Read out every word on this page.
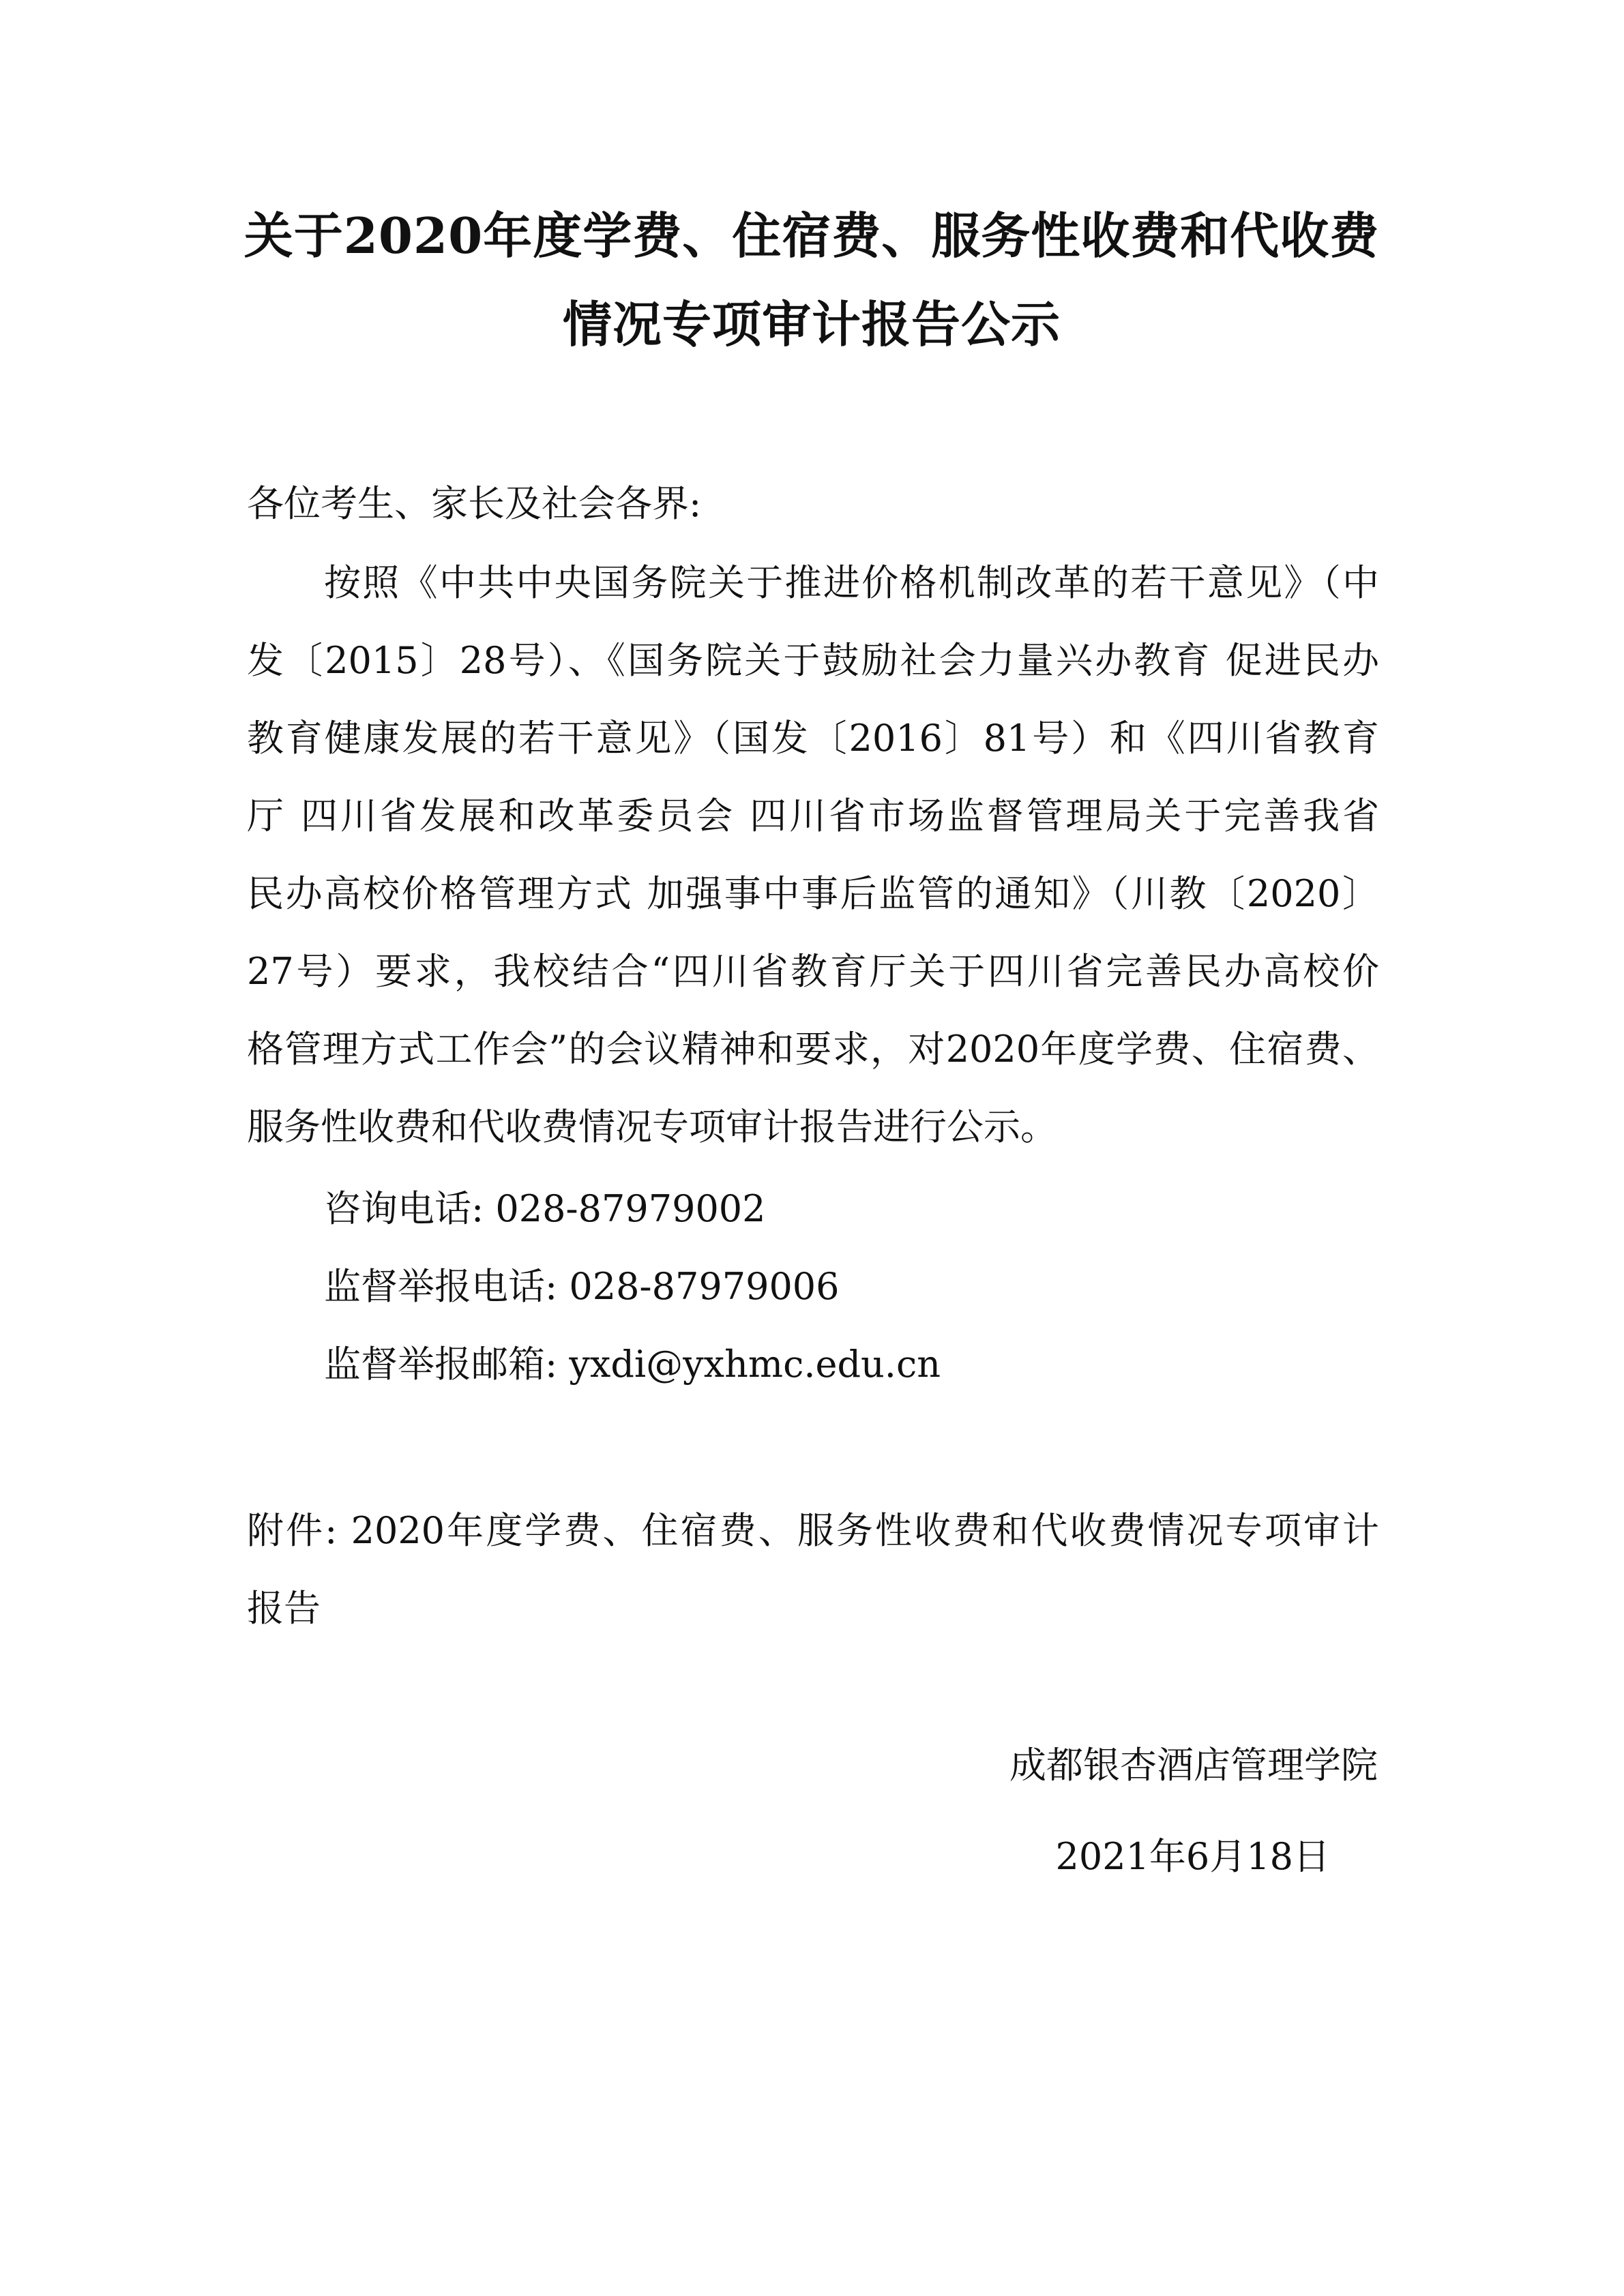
关于2020年度学费、住宿费、服务性收费和代收费
情况专项审计报告公示
各位考生、家长及社会各界:
按照《中共中央国务院关于推进价格机制改革的若干意见》（中
发〔2015〕28号）、《国务院关于鼓励社会力量兴办教育 促进民办
教育健康发展的若干意见》（国发〔2016〕81号）和《四川省教育
厅 四川省发展和改革委员会 四川省市场监督管理局关于完善我省
民办高校价格管理方式 加强事中事后监管的通知》（川教〔2020〕
27号）要求，我校结合“四川省教育厅关于四川省完善民办高校价
格管理方式工作会”的会议精神和要求，对2020年度学费、住宿费、
服务性收费和代收费情况专项审计报告进行公示。
咨询电话: 028-87979002
监督举报电话: 028-87979006
监督举报邮箱: yxdi@yxhmc.edu.cn
附件: 2020年度学费、住宿费、服务性收费和代收费情况专项审计
报告
成都银杏酒店管理学院
2021年6月18日
